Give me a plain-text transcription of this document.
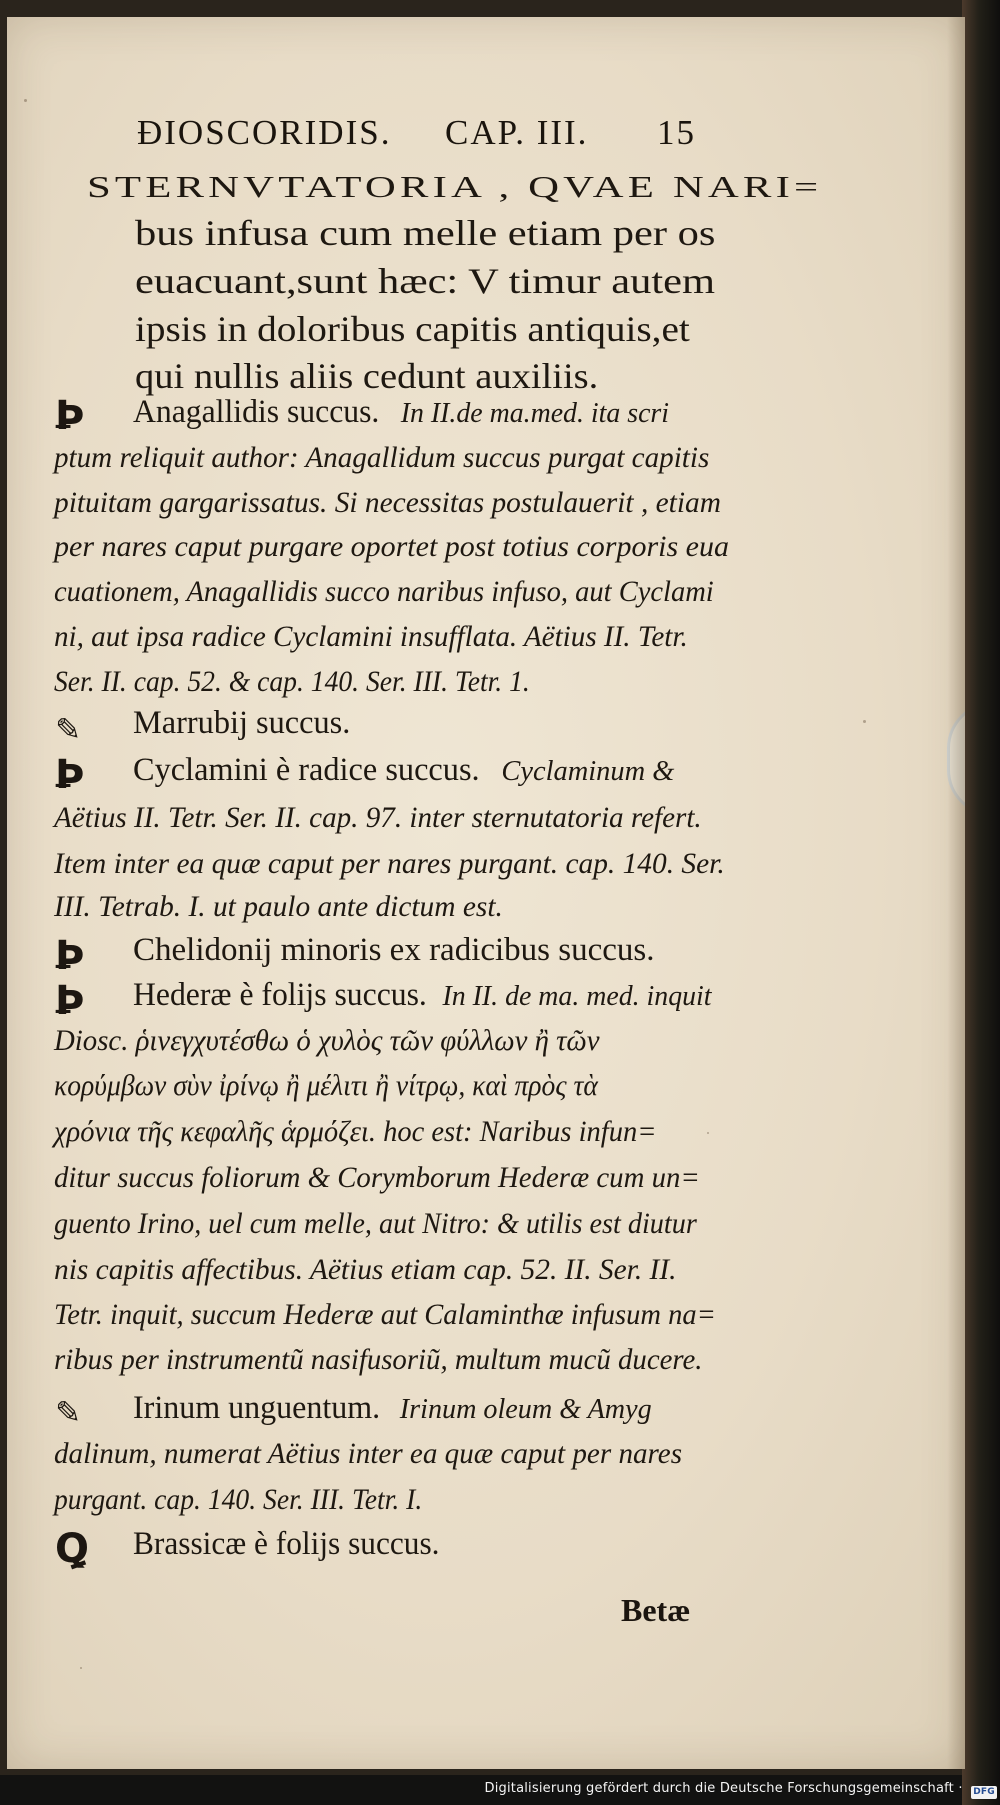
ÐIOSCORIDIS. CAP. III. 15
STERNVTATORIA , QVAE NARI=
bus infusa cum melle etiam per os
euacuant,sunt hæc: V timur autem
ipsis in doloribus capitis antiquis,et
qui nullis aliis cedunt auxiliis.
Ꝧ	Anagallidis succus. In II.de ma.med. ita scri
ptum reliquit author: Anagallidum succus purgat capitis
pituitam gargarissatus. Si necessitas postulauerit , etiam
per nares caput purgare oportet post totius corporis eua
cuationem, Anagallidis succo naribus infuso, aut Cyclami
ni, aut ipsa radice Cyclamini insufflata. Aëtius II. Tetr.
Ser. II. cap. 52. & cap. 140. Ser. III. Tetr. 1.
✎	Marrubij succus.
Ꝧ	Cyclamini è radice succus. Cyclaminum &
Aëtius II. Tetr. Ser. II. cap. 97. inter sternutatoria refert.
Item inter ea quæ caput per nares purgant. cap. 140. Ser.
III. Tetrab. I. ut paulo ante dictum est.
Ꝧ	Chelidonij minoris ex radicibus succus.
Ꝧ	Hederæ è folijs succus. In II. de ma. med. inquit
Diosc. ῥινεγχυτέσθω ὁ χυλὸς τῶν φύλλων ἢ τῶν
κορύμβων σὺν ἰρίνῳ ἢ μέλιτι ἢ νίτρῳ, καὶ πρὸς τὰ
χρόνια τῆς κεφαλῆς ἁρμόζει. hoc est: Naribus infun=
ditur succus foliorum & Corymborum Hederæ cum un=
guento Irino, uel cum melle, aut Nitro: & utilis est diutur
nis capitis affectibus. Aëtius etiam cap. 52. II. Ser. II.
Tetr. inquit, succum Hederæ aut Calaminthæ infusum na=
ribus per instrumentũ nasifusoriũ, multum mucũ ducere.
✎	Irinum unguentum. Irinum oleum & Amyg
dalinum, numerat Aëtius inter ea quæ caput per nares
purgant. cap. 140. Ser. III. Tetr. I.
Ꝗ	Brassicæ è folijs succus.
Betæ
Digitalisierung gefördert durch die Deutsche Forschungsgemeinschaft · DFG
